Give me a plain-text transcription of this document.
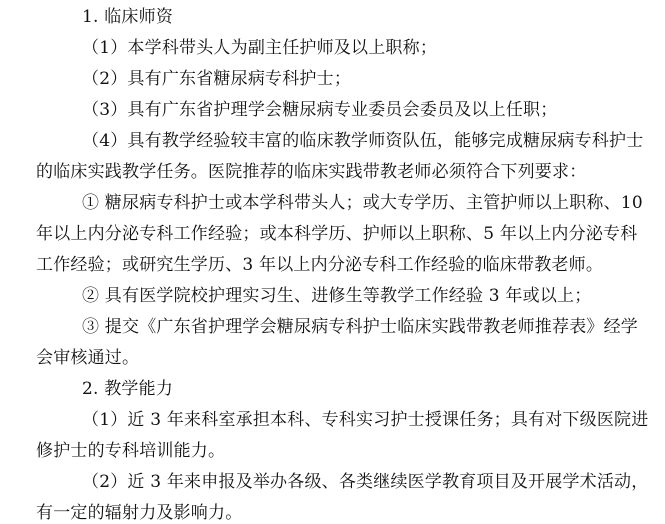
1. 临床师资
（1）本学科带头人为副主任护师及以上职称；
（2）具有广东省糖尿病专科护士；
（3）具有广东省护理学会糖尿病专业委员会委员及以上任职；
（4）具有教学经验较丰富的临床教学师资队伍，能够完成糖尿病专科护士
的临床实践教学任务。医院推荐的临床实践带教老师必须符合下列要求：
① 糖尿病专科护士或本学科带头人；或大专学历、主管护师以上职称、10
年以上内分泌专科工作经验；或本科学历、护师以上职称、5 年以上内分泌专科
工作经验；或研究生学历、3 年以上内分泌专科工作经验的临床带教老师。
② 具有医学院校护理实习生、进修生等教学工作经验 3 年或以上；
③ 提交《广东省护理学会糖尿病专科护士临床实践带教老师推荐表》经学
会审核通过。
2. 教学能力
（1）近 3 年来科室承担本科、专科实习护士授课任务；具有对下级医院进
修护士的专科培训能力。
（2）近 3 年来申报及举办各级、各类继续医学教育项目及开展学术活动，
有一定的辐射力及影响力。
